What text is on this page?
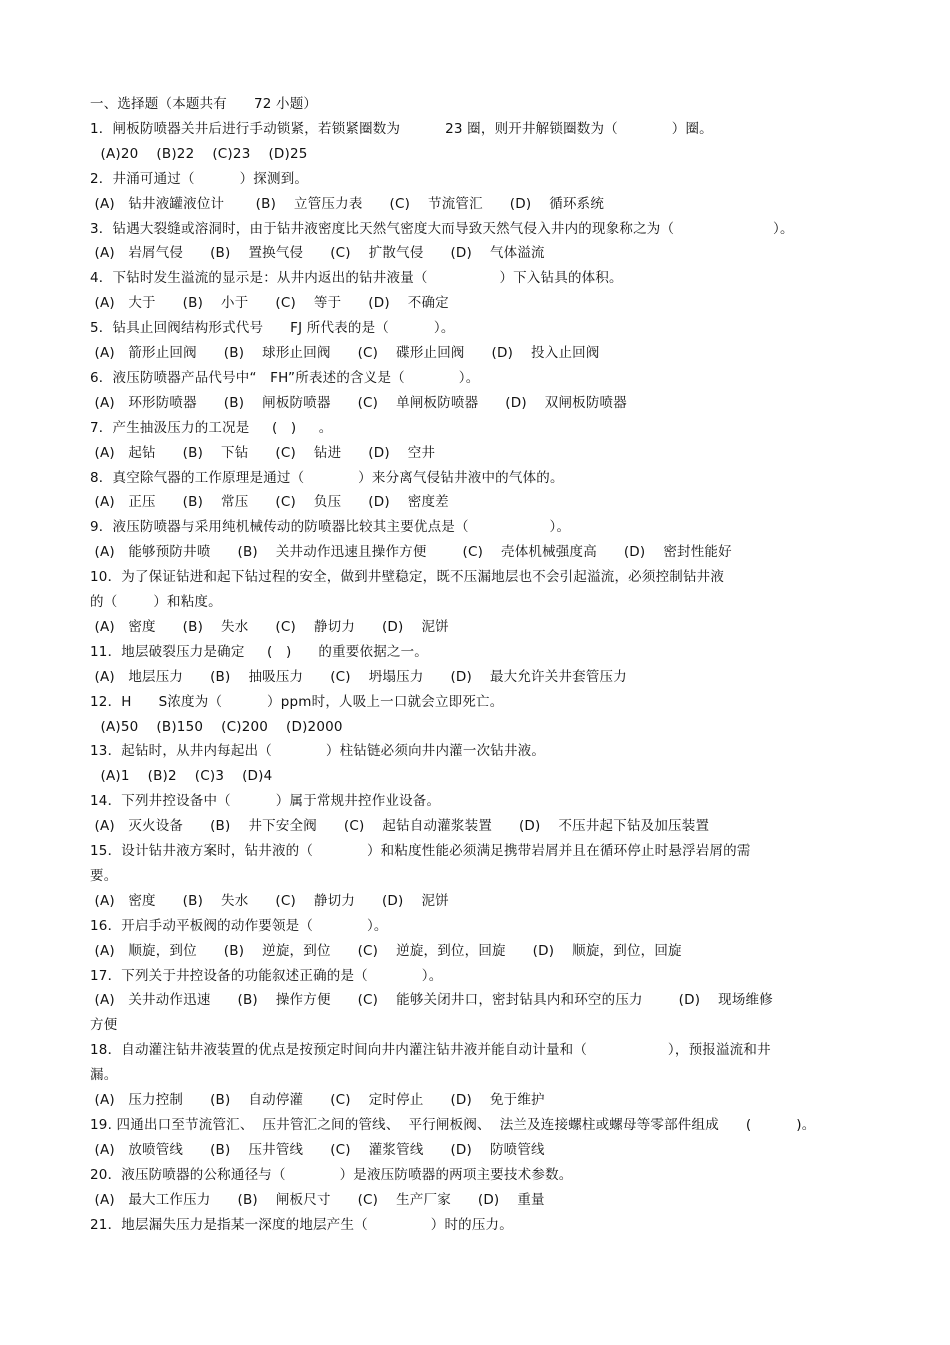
一、选择题（本题共有      72 小题）
1．闸板防喷器关井后进行手动锁紧，若锁紧圈数为          23 圈，则开井解锁圈数为（            ）圈。
(A)20    (B)22    (C)23    (D)25
2．井涌可通过（          ）探测到。
(A)   钻井液罐液位计       (B)    立管压力表      (C)    节流管汇      (D)    循环系统
3．钻遇大裂缝或溶洞时，由于钻井液密度比天然气密度大而导致天然气侵入井内的现象称之为（                      ）。
(A)   岩屑气侵      (B)    置换气侵      (C)    扩散气侵      (D)    气体溢流
4．下钻时发生溢流的显示是：从井内返出的钻井液量（                ）下入钻具的体积。
(A)   大于      (B)    小于      (C)    等于      (D)    不确定
5．钻具止回阀结构形式代号      FJ 所代表的是（          ）。
(A)   箭形止回阀      (B)    球形止回阀      (C)    碟形止回阀      (D)    投入止回阀
6．液压防喷器产品代号中“   FH”所表述的含义是（            ）。
(A)   环形防喷器      (B)    闸板防喷器      (C)    单闸板防喷器      (D)    双闸板防喷器
7．产生抽汲压力的工况是     (   )     。
(A)   起钻      (B)    下钻      (C)    钻进      (D)    空井
8．真空除气器的工作原理是通过（            ）来分离气侵钻井液中的气体的。
(A)   正压      (B)    常压      (C)    负压      (D)    密度差
9．液压防喷器与采用纯机械传动的防喷器比较其主要优点是（                  ）。
(A)   能够预防井喷      (B)    关井动作迅速且操作方便        (C)    壳体机械强度高      (D)    密封性能好
10．为了保证钻进和起下钻过程的安全，做到井壁稳定，既不压漏地层也不会引起溢流，必须控制钻井液
的（        ）和粘度。
(A)   密度      (B)    失水      (C)    静切力      (D)    泥饼
11．地层破裂压力是确定     (   )      的重要依据之一。
(A)   地层压力      (B)    抽吸压力      (C)    坍塌压力      (D)    最大允许关井套管压力
12．H      S浓度为（          ）ppm时，人吸上一口就会立即死亡。
(A)50    (B)150    (C)200    (D)2000
13．起钻时，从井内每起出（            ）柱钻链必须向井内灌一次钻井液。
(A)1    (B)2    (C)3    (D)4
14．下列井控设备中（          ）属于常规井控作业设备。
(A)   灭火设备      (B)    井下安全阀      (C)    起钻自动灌浆装置      (D)    不压井起下钻及加压装置
15．设计钻井液方案时，钻井液的（            ）和粘度性能必须满足携带岩屑并且在循环停止时悬浮岩屑的需
要。
(A)   密度      (B)    失水      (C)    静切力      (D)    泥饼
16．开启手动平板阀的动作要领是（            ）。
(A)   顺旋，到位      (B)    逆旋，到位      (C)    逆旋，到位，回旋      (D)    顺旋，到位，回旋
17．下列关于井控设备的功能叙述正确的是（            ）。
(A)   关井动作迅速      (B)    操作方便      (C)    能够关闭井口，密封钻具内和环空的压力        (D)    现场维修
方便
18．自动灌注钻井液装置的优点是按预定时间向井内灌注钻井液并能自动计量和（                  ），预报溢流和井
漏。
(A)   压力控制      (B)    自动停灌      (C)    定时停止      (D)    免于维护
19. 四通出口至节流管汇、  压井管汇之间的管线、  平行闸板阀、  法兰及连接螺柱或螺母等零部件组成      (          )。
(A)   放喷管线      (B)    压井管线      (C)    灌浆管线      (D)    防喷管线
20．液压防喷器的公称通径与（            ）是液压防喷器的两项主要技术参数。
(A)   最大工作压力      (B)    闸板尺寸      (C)    生产厂家      (D)    重量
21．地层漏失压力是指某一深度的地层产生（              ）时的压力。
